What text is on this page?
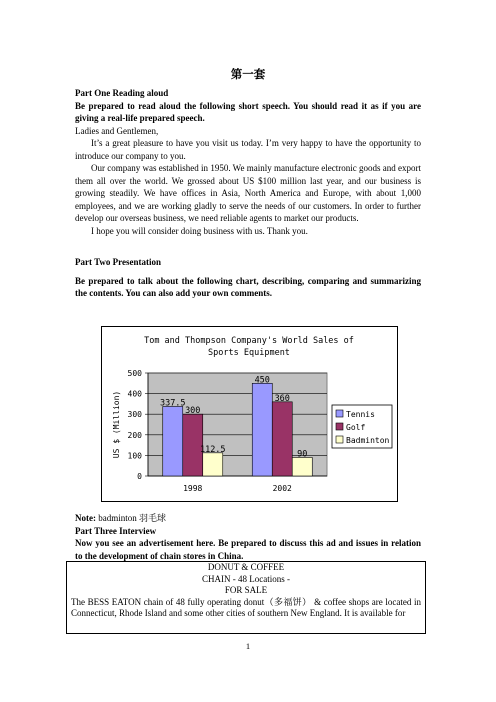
第一套

Part One Reading aloud

Be prepared to read aloud the following short speech. You should read it as if you are giving a real-life prepared speech.

Ladies and Gentlemen,

It’s a great pleasure to have you visit us today. I’m very happy to have the opportunity to introduce our company to you.

Our company was established in 1950. We mainly manufacture electronic goods and export them all over the world. We grossed about US $100 million last year, and our business is growing steadily. We have offices in Asia, North America and Europe, with about 1,000 employees, and we are working gladly to serve the needs of our customers. In order to further develop our overseas business, we need reliable agents to market our products.

I hope you will consider doing business with us. Thank you.

Part Two Presentation

Be prepared to talk about the following chart, describing, comparing and summarizing the contents. You can also add your own comments.

Tom and Thompson Company's World Sales of
Sports Equipment
0
100
200
300
400
500
US $ (Million)	337.5
300
112.5
1998
450
360
90
2002
Tennis
Golf
Badminton

Note: badminton 羽毛球

Part Three Interview

Now you see an advertisement here. Be prepared to discuss this ad and issues in relation to the development of chain stores in China.

DONUT & COFFEE

CHAIN - 48 Locations -

FOR SALE

The BESS EATON chain of 48 fully operating donut（多福饼） & coffee shops are located in Connecticut, Rhode Island and some other cities of southern New England. It is available for

1
